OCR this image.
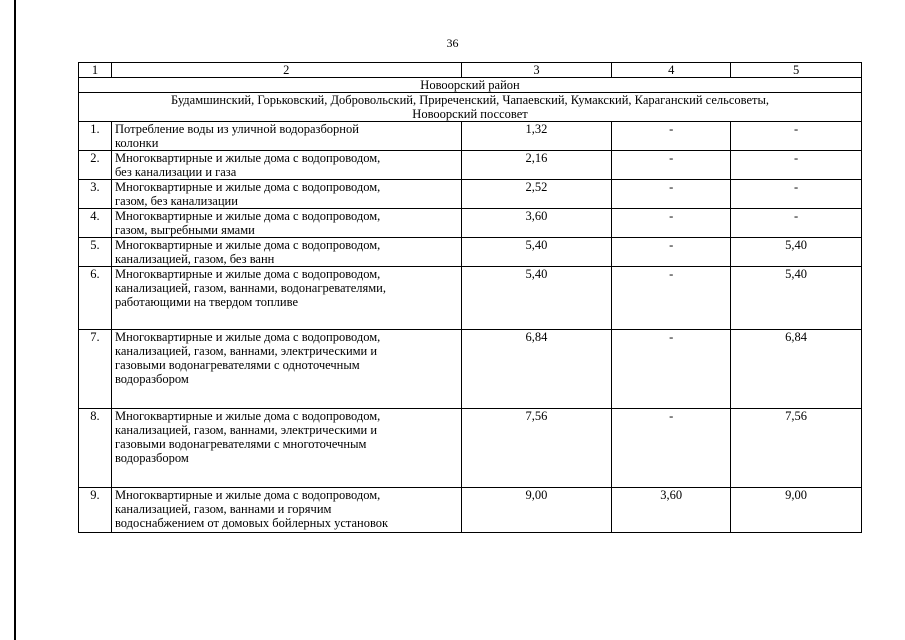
36
1	2	3	4	5
Новоорский район				

Будамшинский, Горьковский, Добровольский, Приреченский, Чапаевский, Кумакский, Караганский сельсоветы,
Новоорский поссовет				

1.	Потребление воды из уличной водоразборной
колонки	1,32	-	-
2.	Многоквартирные и жилые дома с водопроводом,
без канализации и газа	2,16	-	-
3.	Многоквартирные и жилые дома с водопроводом,
газом, без канализации	2,52	-	-
4.	Многоквартирные и жилые дома с водопроводом,
газом, выгребными ямами	3,60	-	-
5.	Многоквартирные и жилые дома с водопроводом,
канализацией, газом, без ванн	5,40	-	5,40
6.	Многоквартирные и жилые дома с водопроводом,
канализацией, газом, ваннами, водонагревателями,
работающими на твердом топливе	5,40	-	5,40
7.	Многоквартирные и жилые дома с водопроводом,
канализацией, газом, ваннами, электрическими и
газовыми водонагревателями с одноточечным
водоразбором	6,84	-	6,84
8.	Многоквартирные и жилые дома с водопроводом,
канализацией, газом, ваннами, электрическими и
газовыми водонагревателями с многоточечным
водоразбором	7,56	-	7,56
9.	Многоквартирные и жилые дома с водопроводом,
канализацией, газом, ваннами и горячим
водоснабжением от домовых бойлерных установок	9,00	3,60	9,00
